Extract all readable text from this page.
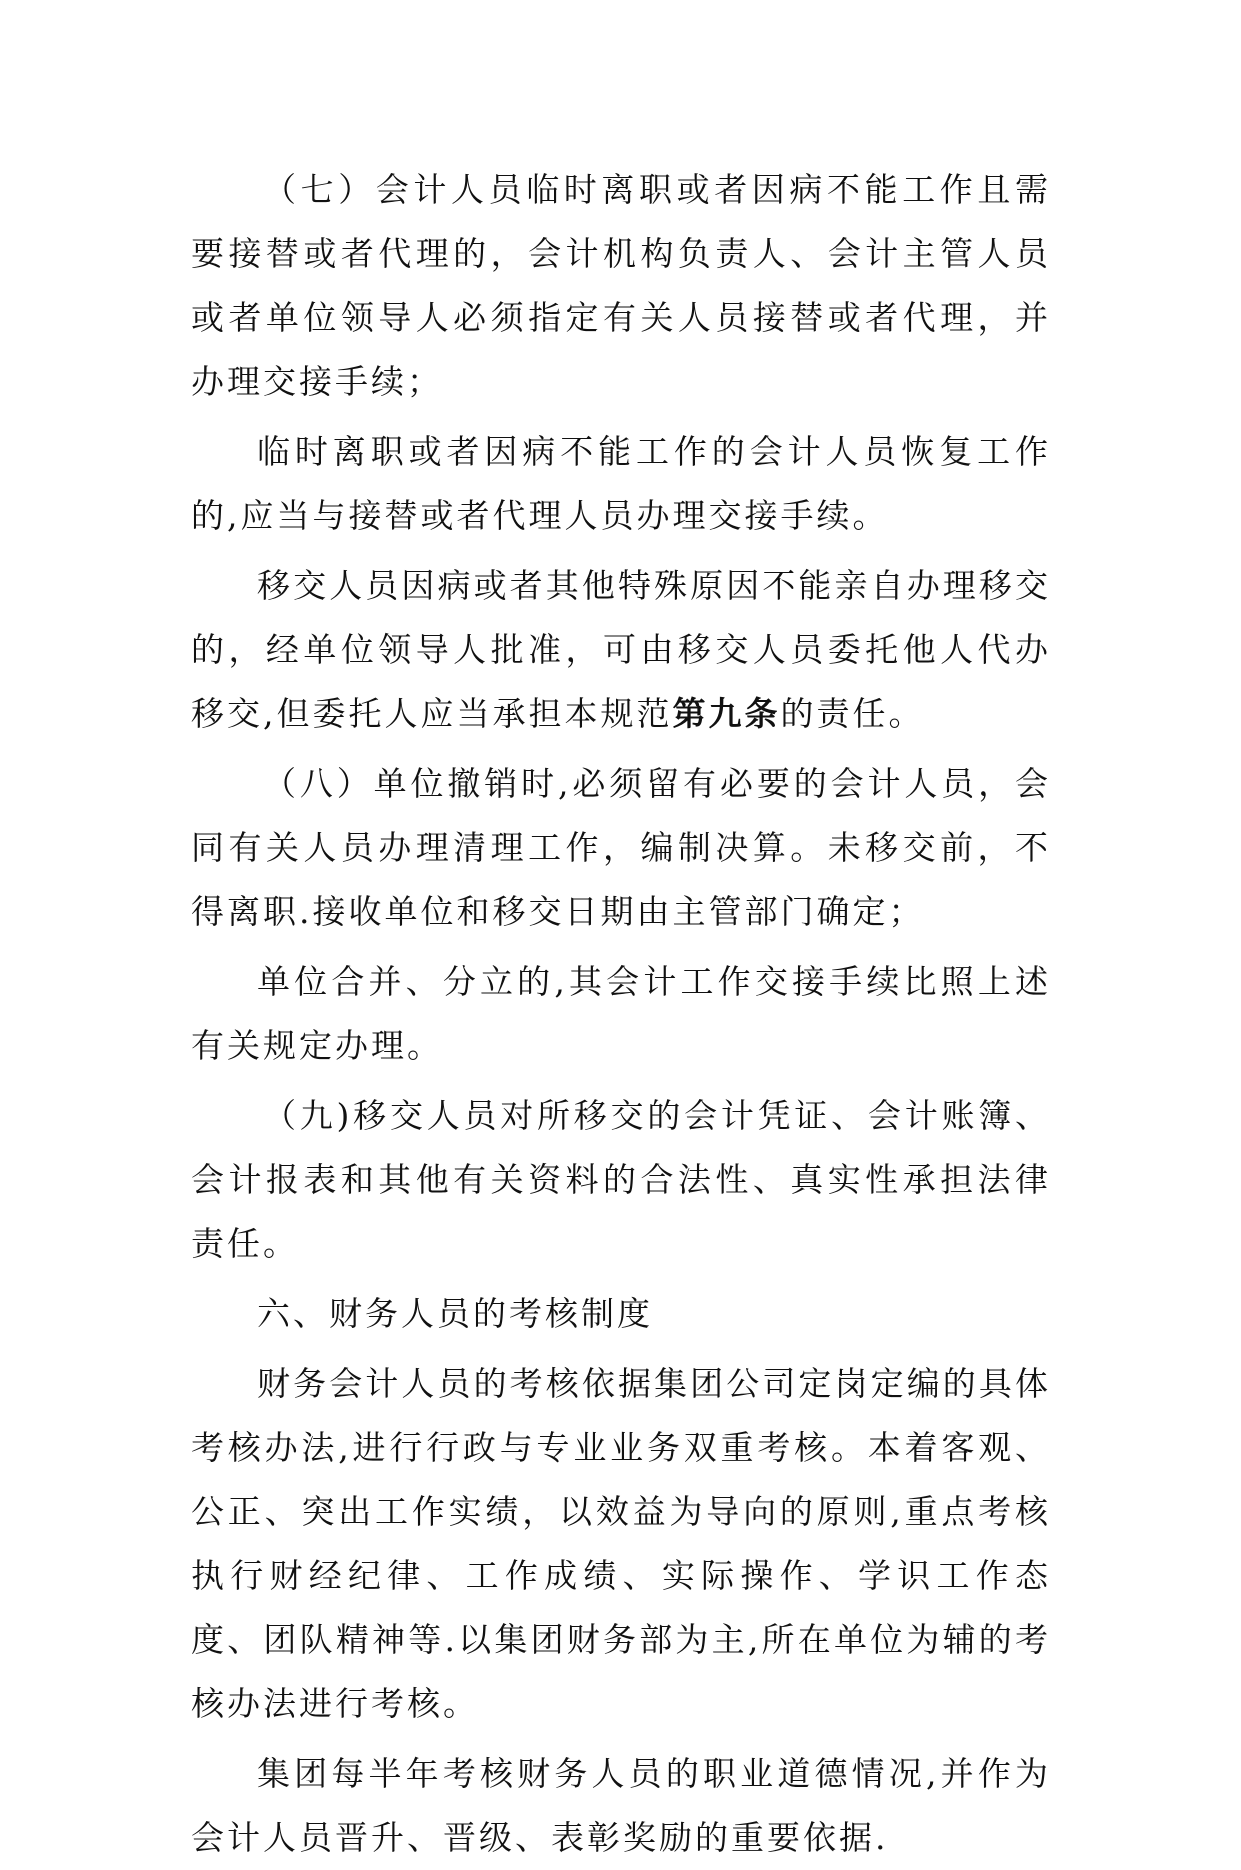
（七）会计人员临时离职或者因病不能工作且需要接替或者代理的，会计机构负责人、会计主管人员或者单位领导人必须指定有关人员接替或者代理，并办理交接手续；

临时离职或者因病不能工作的会计人员恢复工作的,应当与接替或者代理人员办理交接手续。

移交人员因病或者其他特殊原因不能亲自办理移交的，经单位领导人批准，可由移交人员委托他人代办移交,但委托人应当承担本规范第九条的责任。

（八）单位撤销时,必须留有必要的会计人员，会同有关人员办理清理工作，编制决算。未移交前，不得离职.接收单位和移交日期由主管部门确定；

单位合并、分立的,其会计工作交接手续比照上述有关规定办理。

（九)移交人员对所移交的会计凭证、会计账簿、会计报表和其他有关资料的合法性、真实性承担法律责任。

六、财务人员的考核制度

财务会计人员的考核依据集团公司定岗定编的具体考核办法,进行行政与专业业务双重考核。本着客观、公正、突出工作实绩，以效益为导向的原则,重点考核执行财经纪律、工作成绩、实际操作、学识工作态度、团队精神等.以集团财务部为主,所在单位为辅的考核办法进行考核。

集团每半年考核财务人员的职业道德情况,并作为会计人员晋升、晋级、表彰奖励的重要依据.
